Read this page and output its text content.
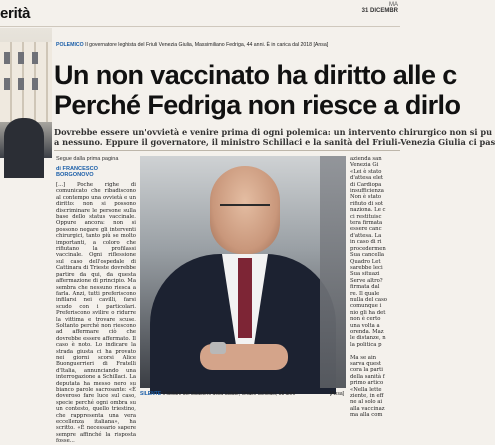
erità	MA
31 DICEMBR
POLEMICO Il governatore leghista del Friuli Venezia Giulia, Massimiliano Fedriga, 44 anni. È in carica dal 2018 [Ansa]
Un non vaccinato ha diritto alle c
Perché Fedriga non riesce a dirlo
Dovrebbe essere un'ovvietà e venire prima di ogni polemica: un intervento chirurgico non si pu
a nessuno. Eppure il governatore, il ministro Schillaci e la sanità del Friuli-Venezia Giulia ci pas
Segue dalla prima pagina
di FRANCESCO BORGONOVO
[...] Poche righe di comunicato che ribadiscono al contempo una ovvietà e un diritto: non si possono discriminare le persone sulla base dello status vaccinale. Oppure ancora: non si possono negare gli interventi chirurgici, tanto più se molto importanti, a coloro che rifiutano la profilassi vaccinale. Ogni riflessione sul caso dell'ospedale di Cattinara di Trieste dovrebbe partire da qui, da questa affermazione di principio. Ma sembra che nessuno riesca a farla. Anzi, tutti preferiscono infilarsi nei cavilli, farsi scudo con i particolari. Preferiscono svilire o ridurre la vittima e trovare scuse. Soltanto perché non riescono ad affermare ciò che dovrebbe essere affermato. Il caso è noto. Lo indicare la strada giusta ci ha provato nei giorni scorsi Alice Buonguerrieri di Fratelli d'Italia, annunciando una interrogazione a Schillaci. La deputata ha messo nero su bianco parole sacrosante: «È doveroso fare luce sul caso, specie perché ogni ombra su un contesto, quello triestino, che rappresenta una vera eccellenza italiana», ha scritto. «È necessario sapere sempre affinché la risposta fosse...
SILENTE Il titolare del dicastero della Salute, Orazio Schillaci, 58 anni	[Ansa]
azienda san
Venezia Gi
«Lei è stato
d'attesa elet
di Cardiopa
insufficienza
Non è stato
rifiuto di sot
naziona. Le c
ci restituisc
tera firmata
essere canc
d'attesa. La
in caso di ri
procedermen
Sua cancella
Quadro Let
sarebbe leci
Sua situazi
Serve altro?
firmata dal
re. Il quale
nulla del caso
comunque i
nio gli ha det
non è certo
una volta a
orenda. Maz
le distanze, n
la politica p

Ma se ain
sarva quest
cora la parti
della sanità f
primo artico
«Nella lette
ziente, in eff
ne al solo ai
alla vaccinaz
ma alla com
